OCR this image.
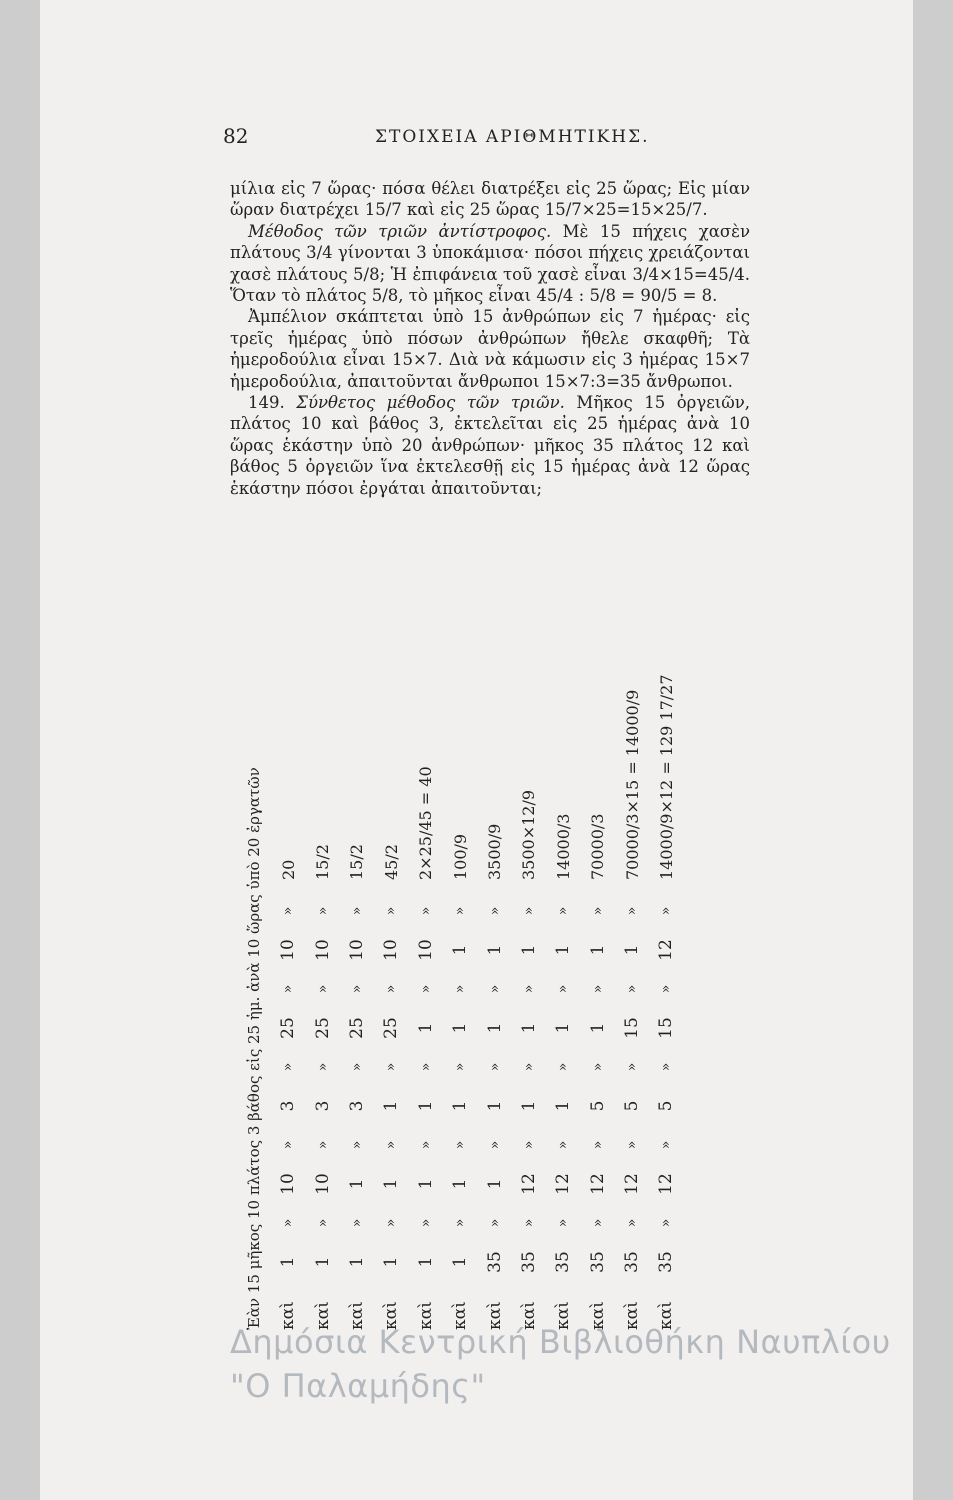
82	ΣΤΟΙΧΕΙΑ ΑΡΙΘΜΗΤΙΚΗΣ.

μίλια εἰς 7 ὥρας· πόσα θέλει διατρέξει εἰς 25 ὥρας; Εἰς μίαν ὥραν διατρέχει 15/7 καὶ εἰς 25 ὥρας 15/7×25=15×25/7.

Μέθοδος τῶν τριῶν ἀντίστροφος. Μὲ 15 πήχεις χασὲν πλάτους 3/4 γίνονται 3 ὑποκάμισα· πόσοι πήχεις χρειάζονται χασὲ πλάτους 5/8; Ἡ ἐπιφάνεια τοῦ χασὲ εἶναι 3/4×15=45/4. Ὅταν τὸ πλάτος 5/8, τὸ μῆκος εἶναι 45/4 : 5/8 = 90/5 = 8.

Ἀμπέλιον σκάπτεται ὑπὸ 15 ἀνθρώπων εἰς 7 ἡμέρας· εἰς τρεῖς ἡμέρας ὑπὸ πόσων ἀνθρώπων ἤθελε σκαφθῆ; Τὰ ἡμεροδούλια εἶναι 15×7. Διὰ νὰ κάμωσιν εἰς 3 ἡμέρας 15×7 ἡμεροδούλια, ἀπαιτοῦνται ἄνθρωποι 15×7:3=35 ἄνθρωποι.

149. Σύνθετος μέθοδος τῶν τριῶν. Μῆκος 15 ὀργειῶν, πλάτος 10 καὶ βάθος 3, ἐκτελεῖται εἰς 25 ἡμέρας ἀνὰ 10 ὥρας ἑκάστην ὑπὸ 20 ἀνθρώπων· μῆκος 35 πλάτος 12 καὶ βάθος 5 ὀργειῶν ἵνα ἐκτελεσθῇ εἰς 15 ἡμέρας ἀνὰ 12 ὥρας ἑκάστην πόσοι ἐργάται ἀπαιτοῦνται;

Ἐὰν 15 μῆκος 10 πλάτος 3 βάθος εἰς 25 ἡμ. ἀνὰ 10 ὥρας ὑπὸ 20 ἐργατῶν καὶ
1
»
10
»
3
»
25
»
10
»
20
καὶ
1
»
10
»
3
»
25
»
10
»
15/2
καὶ
1
»
1
»
3
»
25
»
10
»
15/2
καὶ
1
»
1
»
1
»
25
»
10
»
45/2
καὶ
1
»
1
»
1
»
1
»
10
»
2×25/45 = 40
καὶ
1
»
1
»
1
»
1
»
1
»
100/9
καὶ
35
»
1
»
1
»
1
»
1
»
3500/9
καὶ
35
»
12
»
1
»
1
»
1
»
3500×12/9
καὶ
35
»
12
»
1
»
1
»
1
»
14000/3
καὶ
35
»
12
»
5
»
1
»
1
»
70000/3
καὶ
35
»
12
»
5
»
15
»
1
»
70000/3×15 = 14000/9
καὶ
35
»
12
»
5
»
15
»
12
»
14000/9×12 = 129 17/27
Δημόσια Κεντρική Βιβλιοθήκη Ναυπλίου
"Ο Παλαμήδης"
